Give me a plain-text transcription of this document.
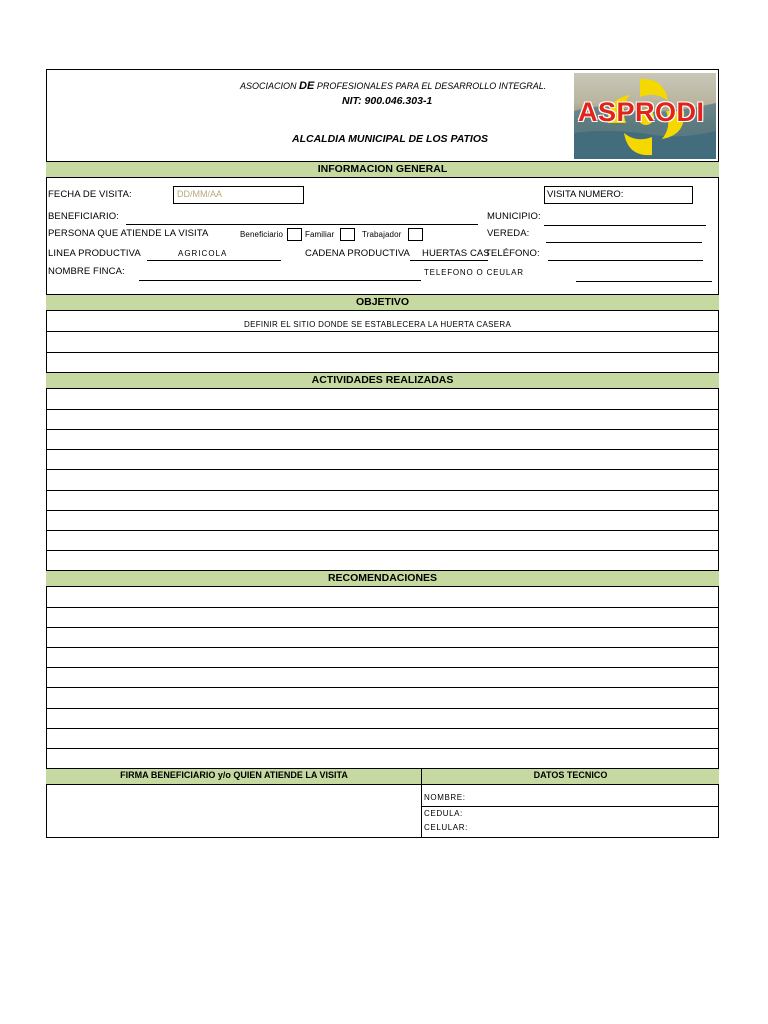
ASOCIACION DE PROFESIONALES PARA EL DESARROLLO INTEGRAL.
NIT: 900.046.303-1
ALCALDIA MUNICIPAL DE LOS PATIOS
ASPRODI
INFORMACION GENERAL
FECHA DE VISITA:	DD/MM/AA	VISITA NUMERO:
BENEFICIARIO:	MUNICIPIO:
PERSONA QUE ATIENDE LA VISITA	Beneficiario	Familiar	Trabajador	VEREDA:
LINEA PRODUCTIVA	AGRICOLA	CADENA PRODUCTIVA HUERTAS CAS
TELÉFONO:
NOMBRE FINCA:	TELEFONO O CEULAR
OBJETIVO
DEFINIR EL SITIO DONDE SE ESTABLECERA LA HUERTA CASERA
ACTIVIDADES REALIZADAS
RECOMENDACIONES
FIRMA BENEFICIARIO y/o QUIEN ATIENDE LA VISITA	DATOS TECNICO
NOMBRE:
CEDULA:
CELULAR:
